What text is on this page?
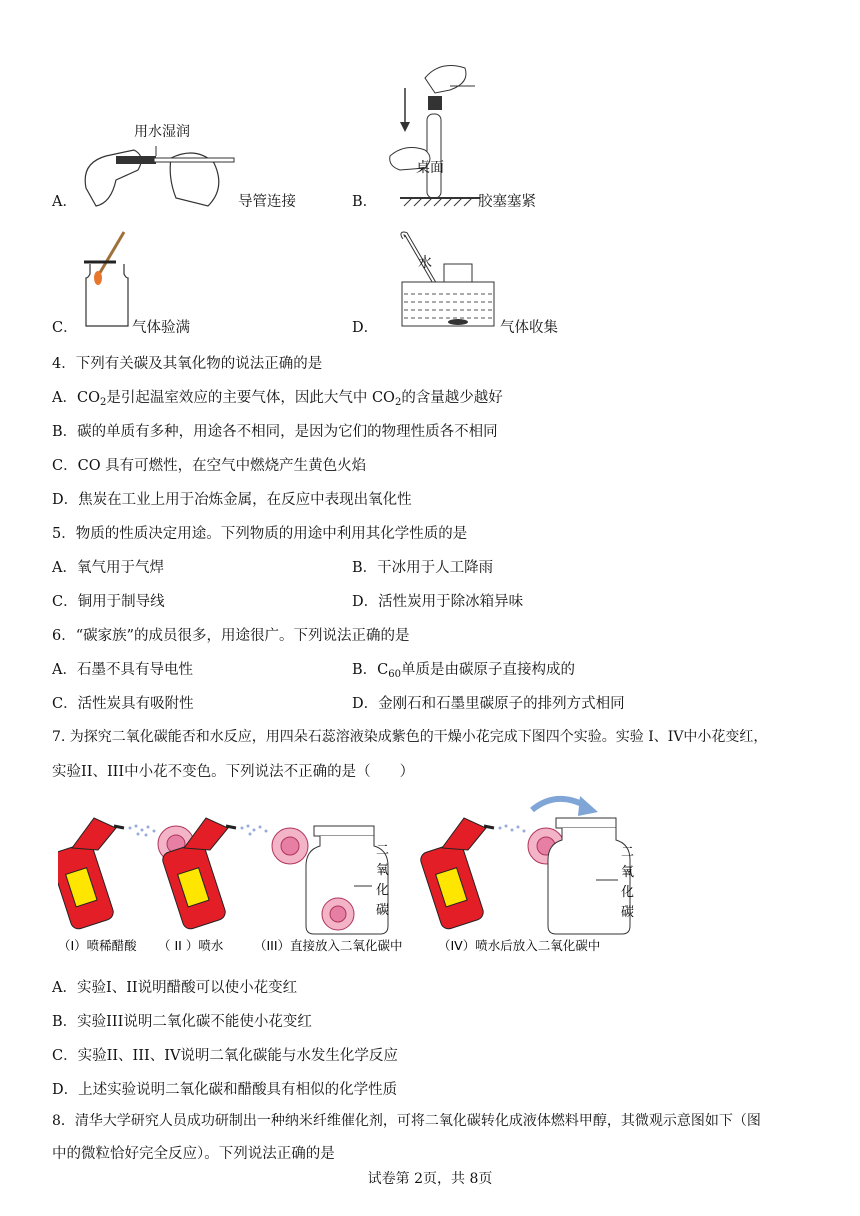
A．
用水湿润
导管连接	B．
桌面
胶塞塞紧
C．	气体验满	D．
水
气体收集
4．下列有关碳及其氧化物的说法正确的是
A．$CO_2$是引起温室效应的主要气体，因此大气中 $CO_2$的含量越少越好
B．碳的单质有多种，用途各不相同，是因为它们的物理性质各不相同
C．CO 具有可燃性，在空气中燃烧产生黄色火焰
D．焦炭在工业上用于冶炼金属，在反应中表现出氧化性
5．物质的性质决定用途。下列物质的用途中利用其化学性质的是
A．氧气用于气焊	B．干冰用于人工降雨
C．铜用于制导线	D．活性炭用于除冰箱异味
6．“碳家族”的成员很多，用途很广。下列说法正确的是
A．石墨不具有导电性	B．$C_{60}$单质是由碳原子直接构成的
C．活性炭具有吸附性	D．金刚石和石墨里碳原子的排列方式相同
7. 为探究二氧化碳能否和水反应，用四朵石蕊溶液染成紫色的干燥小花完成下图四个实验。实验 I、IV中小花变红，
实验II、III中小花不变色。下列说法不正确的是（　　）
二
氧
化
碳
二
氧
化
碳
（I）喷稀醋酸 （ II ）喷水 （III）直接放入二氧化碳中	（IV）喷水后放入二氧化碳中
A．实验I、II说明醋酸可以使小花变红
B．实验III说明二氧化碳不能使小花变红
C．实验II、III、IV说明二氧化碳能与水发生化学反应
D．上述实验说明二氧化碳和醋酸具有相似的化学性质
8．清华大学研究人员成功研制出一种纳米纤维催化剂，可将二氧化碳转化成液体燃料甲醇，其微观示意图如下（图
中的微粒恰好完全反应）。下列说法正确的是
试卷第 2页，共 8页
